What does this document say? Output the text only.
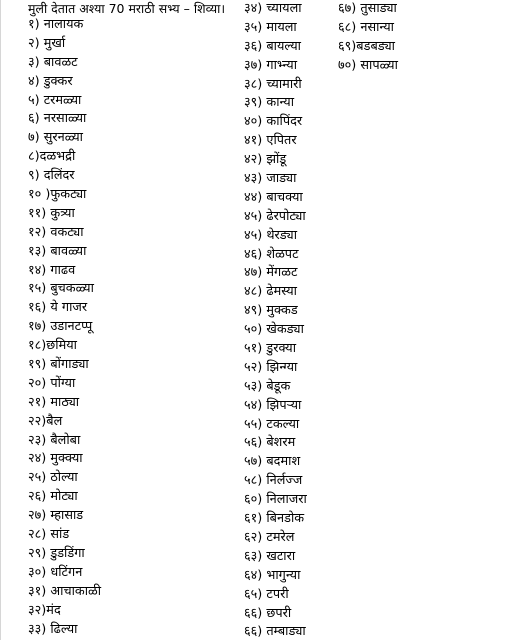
मुली देतात अश्या 70 मराठी सभ्य – शिव्या।
१) नालायक
२) मुर्खा
३) बावळट
४) डुक्कर
५) टरमळ्या
६) नरसाळ्या
७) सुरनळ्या
८)दळभद्री
९) दलिंदर
१० )फुकट्या
११) कुत्र्या
१२) वकट्या
१३) बावळ्या
१४) गाढव
१५) बुचकळ्या
१६) ये गाजर
१७) उडानटप्पू
१८)छमिया
१९) बोंगाड्या
२०) पोंग्या
२१) माठ्या
२२)बैल
२३) बैलोबा
२४) मुक्क्या
२५) ठोल्या
२६) मोट्या
२७) म्हासाड
२८) सांड
२९) डुडडिंगा
३०) धटिंगन
३१) आचाकाळी
३२)मंद
३३) ढिल्या
३४) च्यायला
३५) मायला
३६) बायल्या
३७) गाभ्न्या
३८) च्यामारी
३९) कान्या
४०) कापिंदर
४१) एपितर
४२) झोंडू
४३) जाड्या
४४) बाचक्या
४५) ढेरपोट्या
४५) थेरड्या
४६) शेळपट
४७) मेंगळट
४८) ढेमस्या
४९) मुक्कड
५०) खेकड्या
५१) डुरक्या
५२) झिन्ग्या
५३) बेडूक
५४) झिपऱ्या
५५) टकल्या
५६) बेशरम
५७) बदमाश
५८) निर्लज्ज
६०) निलाजरा
६१) बिनडोक
६२) टमरेल
६३) खटारा
६४) भागुन्या
६५) टपरी
६६) छपरी
६६) तम्बाड्या
६७) तुसाड्या
६८) नसान्या
६९)बडबड्या
७०) सापळ्या
